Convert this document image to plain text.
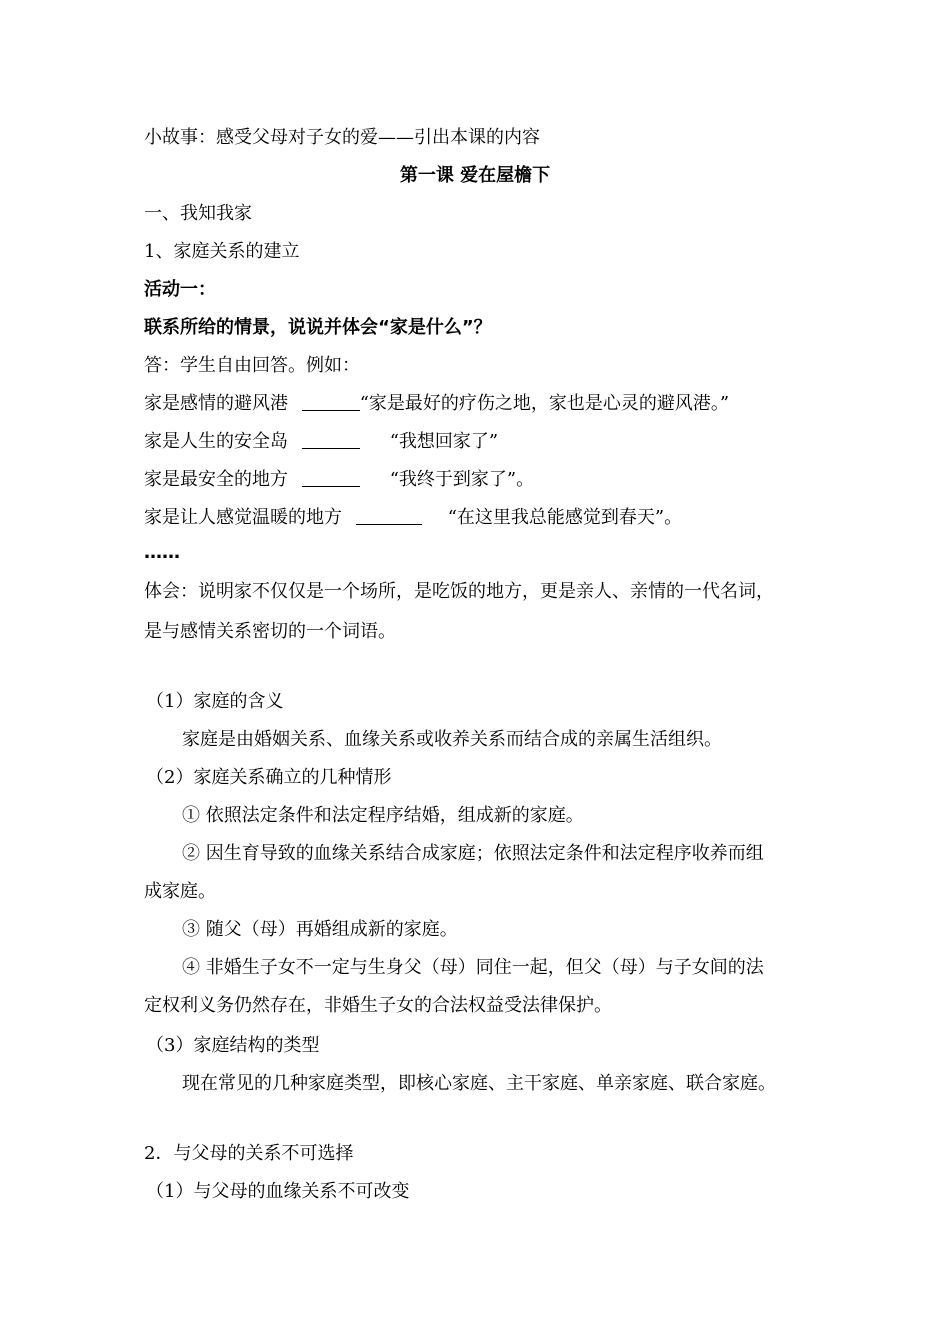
小故事：感受父母对子女的爱——引出本课的内容
第一课 爱在屋檐下
一、我知我家
1、家庭关系的建立
活动一：
联系所给的情景，说说并体会“家是什么”？
答：学生自由回答。例如：
家是感情的避风港	“家是最好的疗伤之地，家也是心灵的避风港。”
家是人生的安全岛	“我想回家了”
家是最安全的地方	“我终于到家了”。
家是让人感觉温暖的地方	“在这里我总能感觉到春天”。
……
体会：说明家不仅仅是一个场所，是吃饭的地方，更是亲人、亲情的一代名词，
是与感情关系密切的一个词语。
（1）家庭的含义
家庭是由婚姻关系、血缘关系或收养关系而结合成的亲属生活组织。
（2）家庭关系确立的几种情形
① 依照法定条件和法定程序结婚，组成新的家庭。
② 因生育导致的血缘关系结合成家庭；依照法定条件和法定程序收养而组
成家庭。
③ 随父（母）再婚组成新的家庭。
④ 非婚生子女不一定与生身父（母）同住一起，但父（母）与子女间的法
定权利义务仍然存在，非婚生子女的合法权益受法律保护。
（3）家庭结构的类型
现在常见的几种家庭类型，即核心家庭、主干家庭、单亲家庭、联合家庭。
2．与父母的关系不可选择
（1）与父母的血缘关系不可改变
